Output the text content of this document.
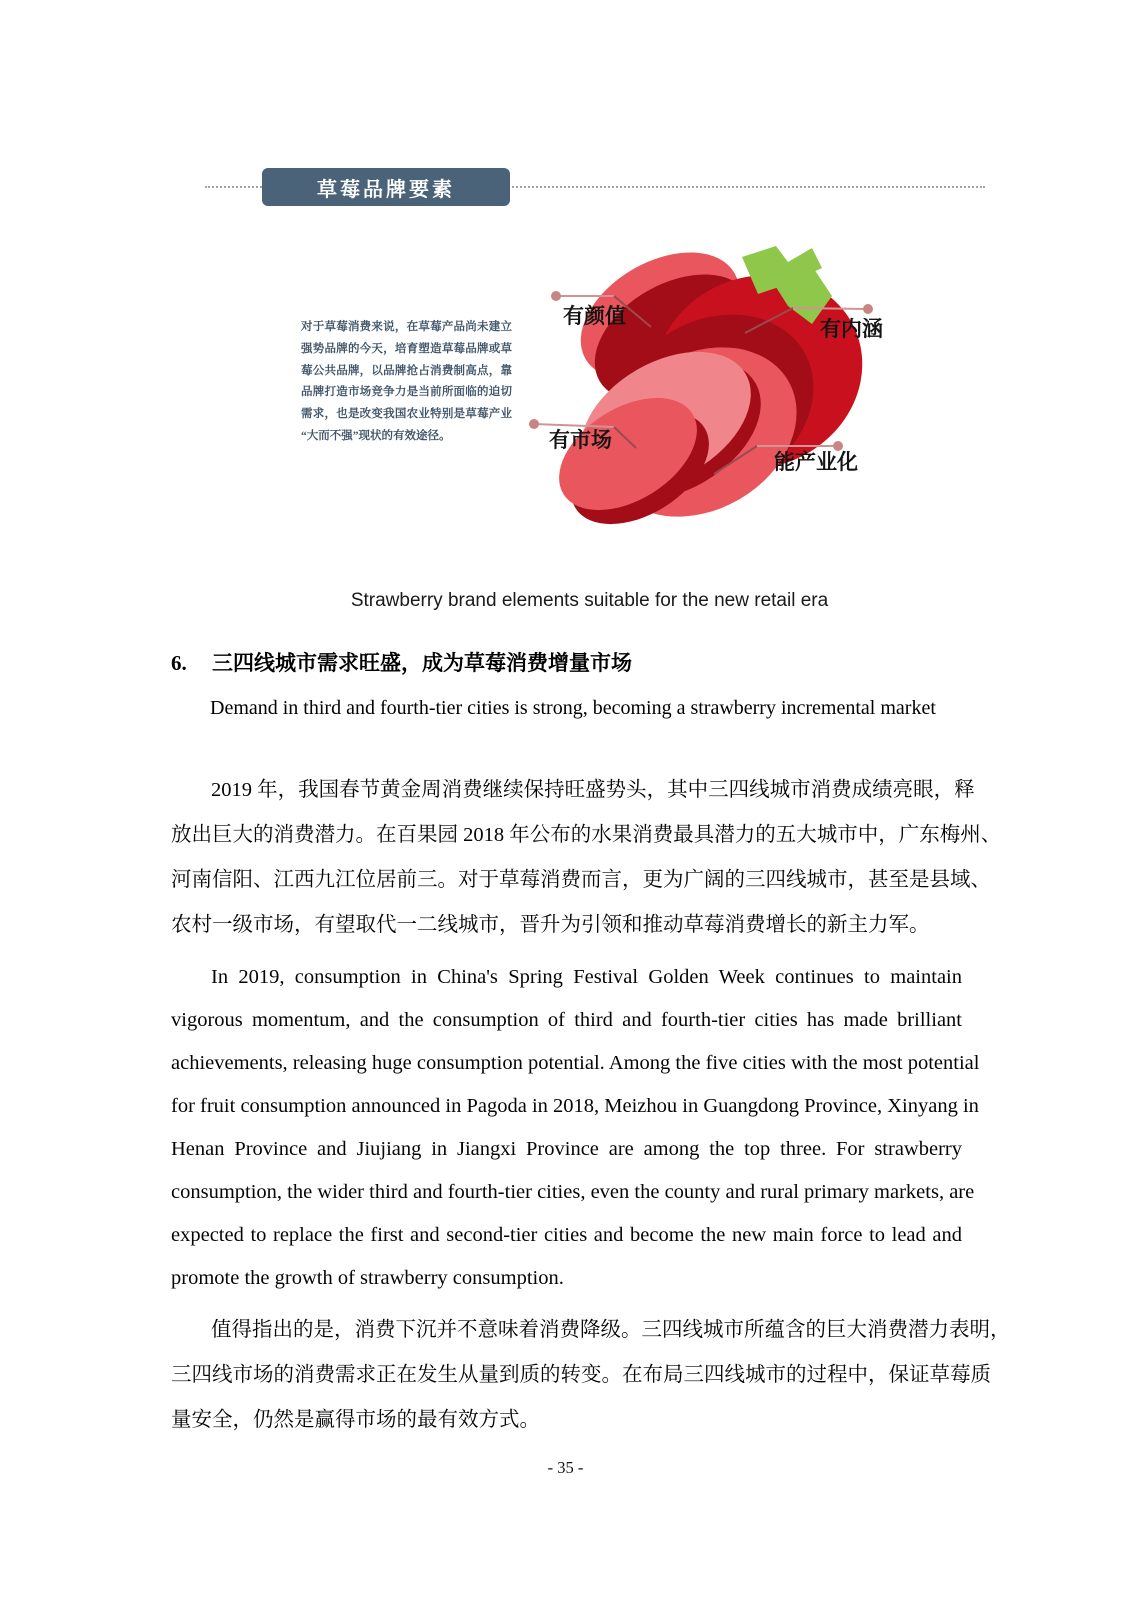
草莓品牌要素
有颜值
有内涵
有市场
能产业化
对于草莓消费来说，在草莓产品尚未建立
强势品牌的今天，培育塑造草莓品牌或草
莓公共品牌，以品牌抢占消费制高点，靠
品牌打造市场竞争力是当前所面临的迫切
需求，也是改变我国农业特别是草莓产业
“大而不强”现状的有效途径。
Strawberry brand elements suitable for the new retail era
6. 三四线城市需求旺盛，成为草莓消费增量市场
Demand in third and fourth-tier cities is strong, becoming a strawberry incremental market
2019 年，我国春节黄金周消费继续保持旺盛势头，其中三四线城市消费成绩亮眼，释
放出巨大的消费潜力。在百果园 2018 年公布的水果消费最具潜力的五大城市中，广东梅州、
河南信阳、江西九江位居前三。对于草莓消费而言，更为广阔的三四线城市，甚至是县域、
农村一级市场，有望取代一二线城市，晋升为引领和推动草莓消费增长的新主力军。
In 2019, consumption in China's Spring Festival Golden Week continues to maintain
vigorous momentum, and the consumption of third and fourth-tier cities has made brilliant
achievements, releasing huge consumption potential. Among the five cities with the most potential
for fruit consumption announced in Pagoda in 2018, Meizhou in Guangdong Province, Xinyang in
Henan Province and Jiujiang in Jiangxi Province are among the top three. For strawberry
consumption, the wider third and fourth-tier cities, even the county and rural primary markets, are
expected to replace the first and second-tier cities and become the new main force to lead and
promote the growth of strawberry consumption.
值得指出的是，消费下沉并不意味着消费降级。三四线城市所蕴含的巨大消费潜力表明，
三四线市场的消费需求正在发生从量到质的转变。在布局三四线城市的过程中，保证草莓质
量安全，仍然是赢得市场的最有效方式。
- 35 -
